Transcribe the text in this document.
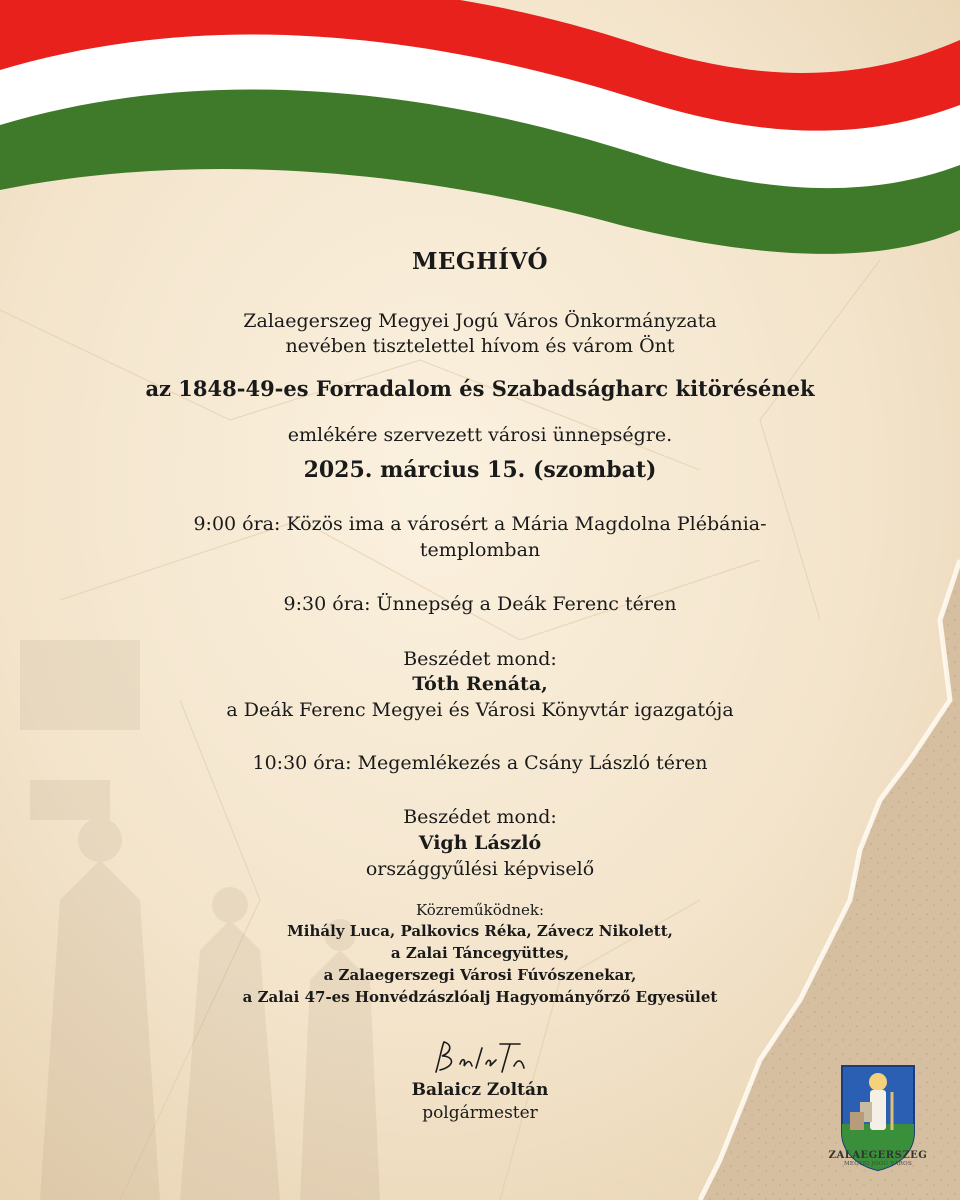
MEGHÍVÓ
Zalaegerszeg Megyei Jogú Város Önkormányzata
nevében tisztelettel hívom és várom Önt
az 1848-49-es Forradalom és Szabadságharc kitörésének
emlékére szervezett városi ünnepségre.
2025. március 15. (szombat)
9:00 óra: Közös ima a városért a Mária Magdolna Plébánia-
templomban
9:30 óra: Ünnepség a Deák Ferenc téren
Beszédet mond:
Tóth Renáta,
a Deák Ferenc Megyei és Városi Könyvtár igazgatója
10:30 óra: Megemlékezés a Csány László téren
Beszédet mond:
Vigh László
országgyűlési képviselő
Közreműködnek:
Mihály Luca, Palkovics Réka, Závecz Nikolett,
a Zalai Táncegyüttes,
a Zalaegerszegi Városi Fúvószenekar,
a Zalai 47-es Honvédzászlóalj Hagyományőrző Egyesület
Balaicz Zoltán
polgármester
ZALAEGERSZEG
MEGYEI JOGÚ VÁROS
